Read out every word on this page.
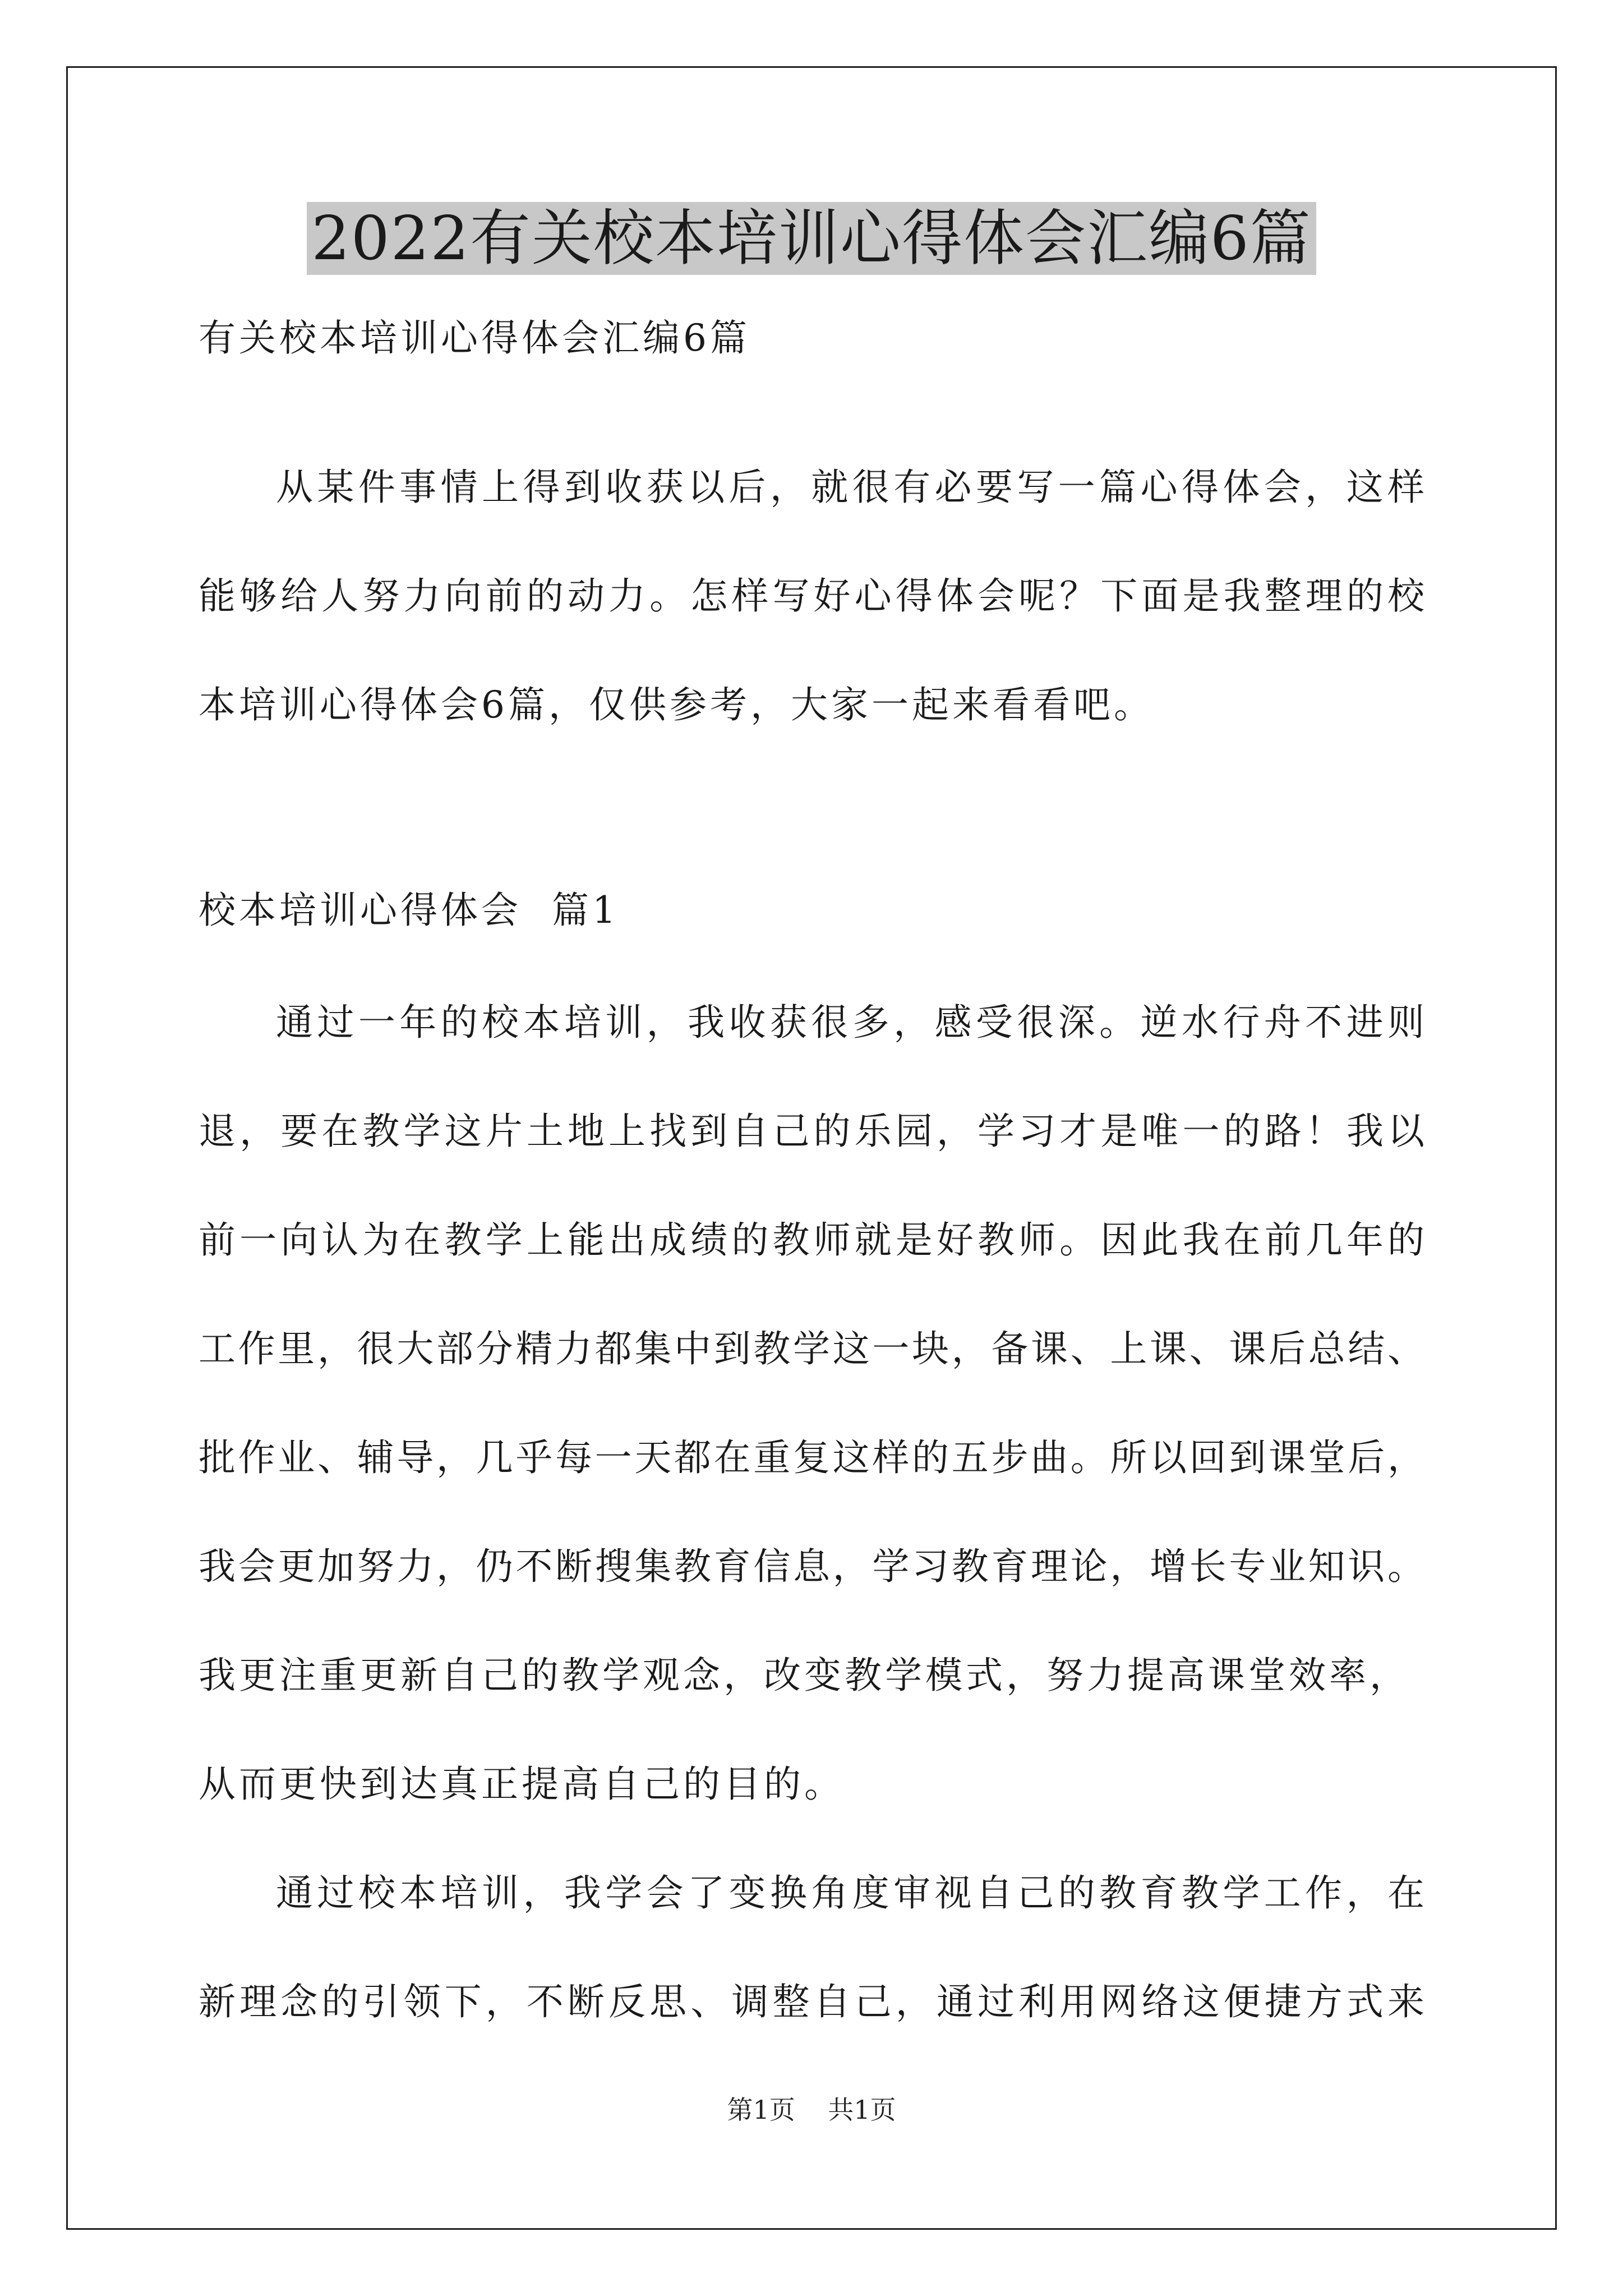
2022有关校本培训心得体会汇编6篇
有关校本培训心得体会汇编6篇
从某件事情上得到收获以后，就很有必要写一篇心得体会，这样
能够给人努力向前的动力。怎样写好心得体会呢？下面是我整理的校
本培训心得体会6篇，仅供参考，大家一起来看看吧。
校本培训心得体会  篇1
通过一年的校本培训，我收获很多，感受很深。逆水行舟不进则
退，要在教学这片土地上找到自己的乐园，学习才是唯一的路！我以
前一向认为在教学上能出成绩的教师就是好教师。因此我在前几年的
工作里，很大部分精力都集中到教学这一块，备课、上课、课后总结、
批作业、辅导，几乎每一天都在重复这样的五步曲。所以回到课堂后，
我会更加努力，仍不断搜集教育信息，学习教育理论，增长专业知识。
我更注重更新自己的教学观念，改变教学模式，努力提高课堂效率，
从而更快到达真正提高自己的目的。
通过校本培训，我学会了变换角度审视自己的教育教学工作，在
新理念的引领下，不断反思、调整自己，通过利用网络这便捷方式来
第1页    共1页
